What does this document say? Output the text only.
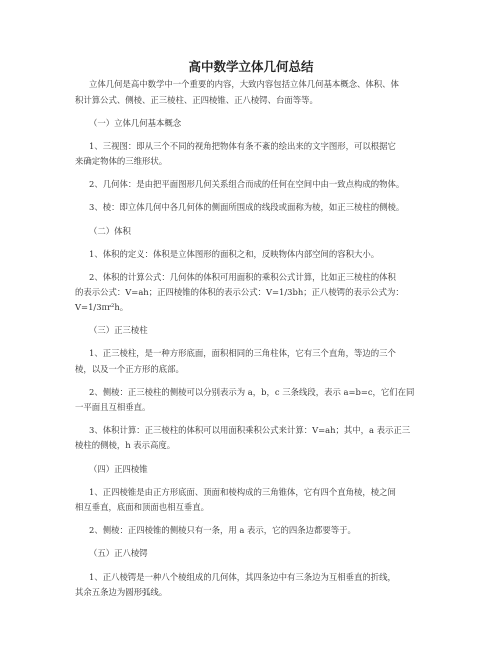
高中数学立体几何总结
立体几何是高中数学中一个重要的内容，大致内容包括立体几何基本概念、体积、体
积计算公式、侧棱、正三棱柱、正四棱锥、正八棱锷、台面等等。
（一）立体几何基本概念
1、三视图：即从三个不同的视角把物体有条不紊的绘出来的文字图形，可以根据它
来确定物体的三维形状。
2、几何体：是由把平面图形几何关系组合而成的任何在空间中由一致点构成的物体。
3、棱：即立体几何中各几何体的侧面所围成的线段或面称为棱，如正三棱柱的侧棱。
（二）体积
1、体积的定义：体积是立体图形的面积之和，反映物体内部空间的容积大小。
2、体积的计算公式：几何体的体积可用面积的乘积公式计算，比如正三棱柱的体积
的表示公式：V=ah；正四棱锥的体积的表示公式：V=1/3bh；正八棱锷的表示公式为：
V=1/3πr²h。
（三）正三棱柱
1、正三棱柱，是一种方形底面，面积相同的三角柱体，它有三个直角，等边的三个
棱，以及一个正方形的底部。
2、侧棱：正三棱柱的侧棱可以分别表示为 a，b，c 三条线段，表示 a=b=c，它们在同
一平面且互相垂直。
3、体积计算：正三棱柱的体积可以用面积乘积公式来计算：V=ah；其中，a 表示正三
棱柱的侧棱，h 表示高度。
（四）正四棱锥
1、正四棱锥是由正方形底面、顶面和棱构成的三角锥体，它有四个直角棱，棱之间
相互垂直，底面和顶面也相互垂直。
2、侧棱：正四棱锥的侧棱只有一条，用 a 表示，它的四条边都要等于。
（五）正八棱锷
1、正八棱锷是一种八个棱组成的几何体，其四条边中有三条边为互相垂直的折线，
其余五条边为圆形弧线。
